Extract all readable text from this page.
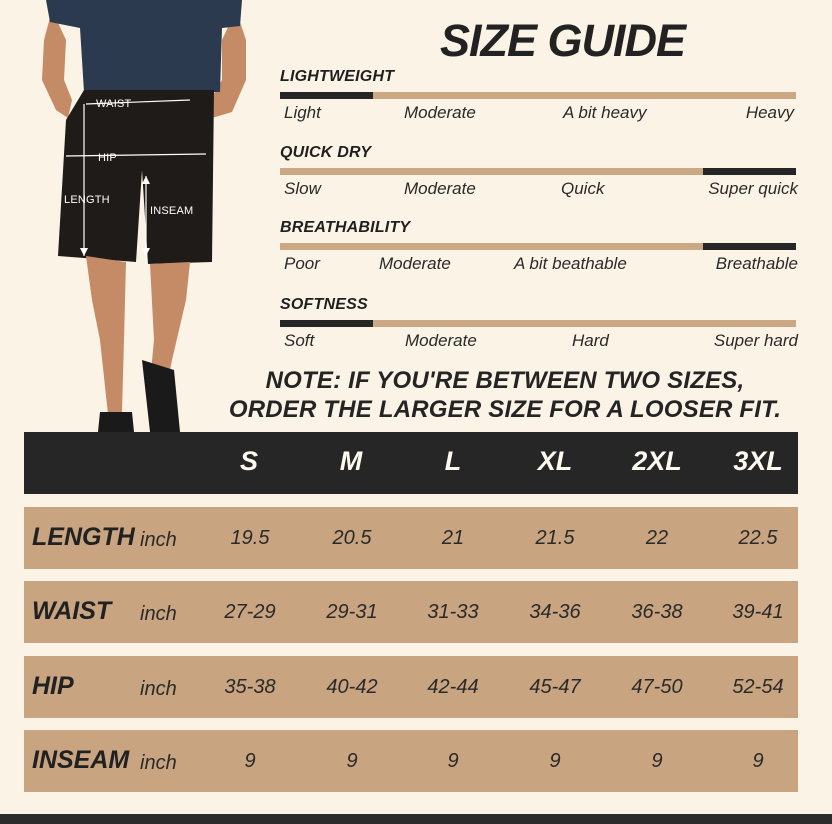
WAIST
HIP
LENGTH
INSEAM
SIZE GUIDE
LIGHTWEIGHT
Light	Moderate	A bit heavy	Heavy
QUICK DRY
Slow	Moderate	Quick	Super quick
BREATHABILITY
Poor	Moderate	A bit beathable	Breathable
SOFTNESS
Soft	Moderate	Hard	Super hard
NOTE: IF YOU'RE BETWEEN TWO SIZES,
ORDER THE LARGER SIZE FOR A LOOSER FIT.
S	M	L	XL	2XL	3XL
LENGTH inch	19.5	20.5	21	21.5	22	22.5
WAIST inch	27-29	29-31	31-33	34-36	36-38	39-41
HIP	inch	35-38	40-42	42-44	45-47	47-50	52-54
INSEAM inch	9	9	9	9	9	9
